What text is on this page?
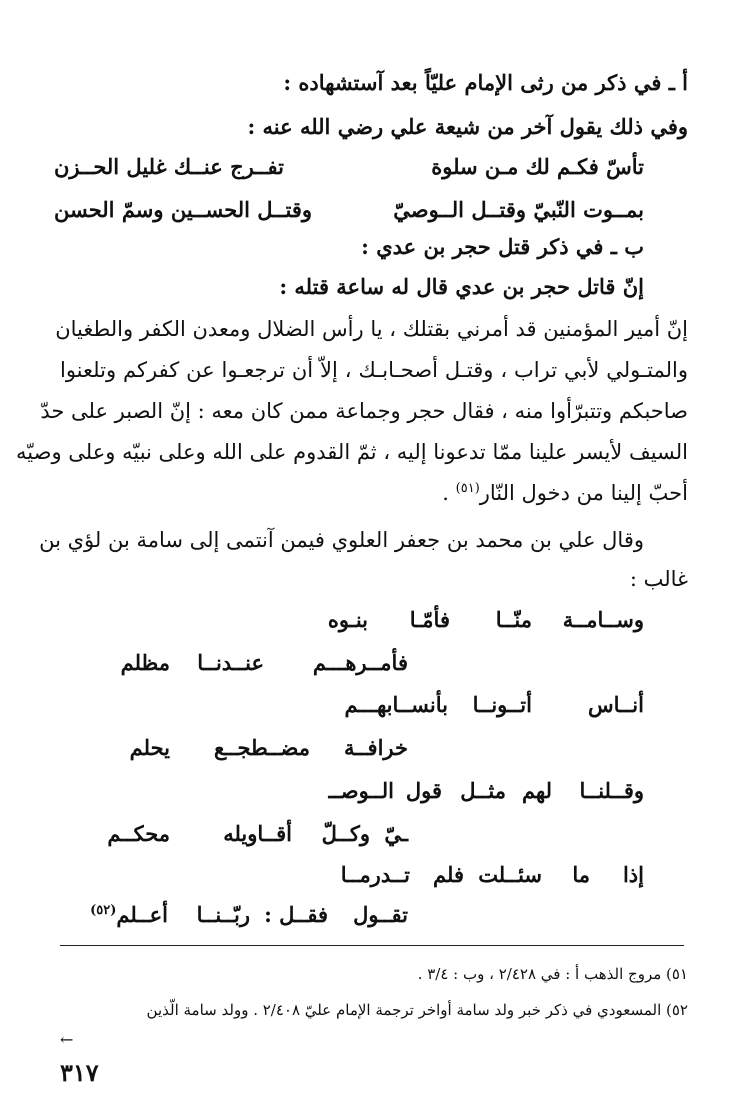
أ ـ في ذكر من رثى الإمام عليّاً بعد آستشهاده :
وفي ذلك يقول آخر من شيعة علي رضي الله عنه :
تأسّ فكـم لك مـن سلوة
تفــرج عنــك غليل الحــزن
بمــوت النّبيّ وقتــل الــوصيّ
وقتــل الحســين وسمّ الحسن
ب ـ في ذكر قتل حجر بن عدي :
إنّ قاتل حجر بن عدي قال له ساعة قتله :
إنّ أمير المؤمنين قد أمرني بقتلك ، يا رأس الضلال ومعدن الكفر والطغيان
والمتـولي لأبي تراب ، وقتـل أصحـابـك ، إلاّ أن ترجعـوا عن كفركم وتلعنوا
صاحبكم وتتبرّأوا منه ، فقال حجر وجماعة ممن كان معه : إنّ الصبر على حدّ
السيف لأيسر علينا ممّا تدعونا إليه ، ثمّ القدوم على الله وعلى نبيّه وعلى وصيّه
أحبّ إلينا من دخول النّار$^{(٥١)}$ .
وقال علي بن محمد بن جعفر العلوي فيمن آنتمى إلى سامة بن لؤي بن
غالب :
وســامــة
منّــا
فأمّـا
بنـوه
فأمــرهـــم
عنــدنــا
مظلم
أنــاس
أتــونــا
بأنســابهـــم
خرافــة
مضــطجــع
يحلم
وقــلنــا
لهم
مثــل
قول
الــوصــ
ـيّ
وكــلّ
أقــاويله
محكــم
إذا
ما
سئــلت
فلم
تــدرمــا
تقــول
فقــل :
ربّــنــا
أعــلم$^{(٥٢)}$
٥١) مروج الذهب أ : في ٢/٤٢٨ ، وب : ٣/٤ .
٥٢) المسعودي في ذكر خبر ولد سامة أواخر ترجمة الإمام عليّ ٢/٤٠٨ . وولد سامة الّذين
←
٣١٧
